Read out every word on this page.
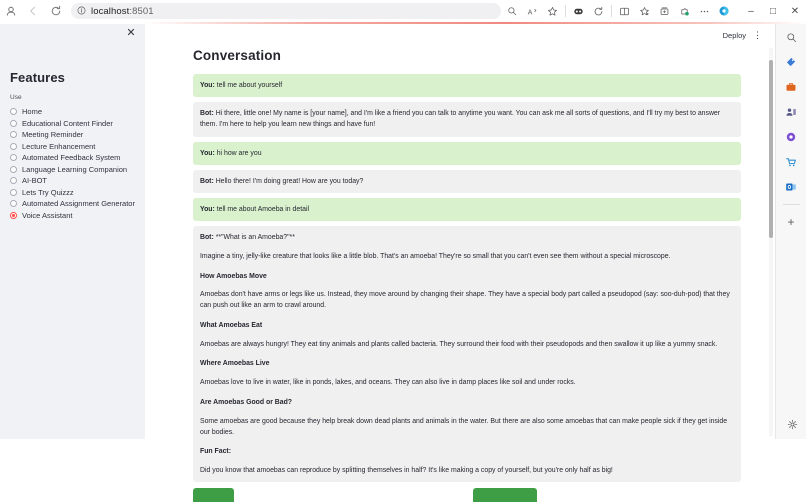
localhost:8501	A	–	□	✕
✕
Features
Use
Home
Educational Content Finder
Meeting Reminder
Lecture Enhancement
Automated Feedback System
Language Learning Companion
AI-BOT
Lets Try Quizzz
Automated Assignment Generator
Voice Assistant
Deploy ⋮
Conversation

You: tell me about yourself

Bot: Hi there, little one! My name is [your name], and I'm like a friend you can talk to anytime you want. You can ask me all sorts of questions, and I'll try my best to answer them. I'm here to help you learn new things and have fun!

You: hi how are you

Bot: Hello there! I'm doing great! How are you today?

You: tell me about Amoeba in detail

Bot: **"What is an Amoeba?"**

Imagine a tiny, jelly-like creature that looks like a little blob. That's an amoeba! They're so small that you can't even see them without a special microscope.

How Amoebas Move

Amoebas don't have arms or legs like us. Instead, they move around by changing their shape. They have a special body part called a pseudopod (say: soo-duh-pod) that they can push out like an arm to crawl around.

What Amoebas Eat

Amoebas are always hungry! They eat tiny animals and plants called bacteria. They surround their food with their pseudopods and then swallow it up like a yummy snack.

Where Amoebas Live

Amoebas love to live in water, like in ponds, lakes, and oceans. They can also live in damp places like soil and under rocks.

Are Amoebas Good or Bad?

Some amoebas are good because they help break down dead plants and animals in the water. But there are also some amoebas that can make people sick if they get inside our bodies.

Fun Fact:

Did you know that amoebas can reproduce by splitting themselves in half? It's like making a copy of yourself, but you're only half as big!

+
